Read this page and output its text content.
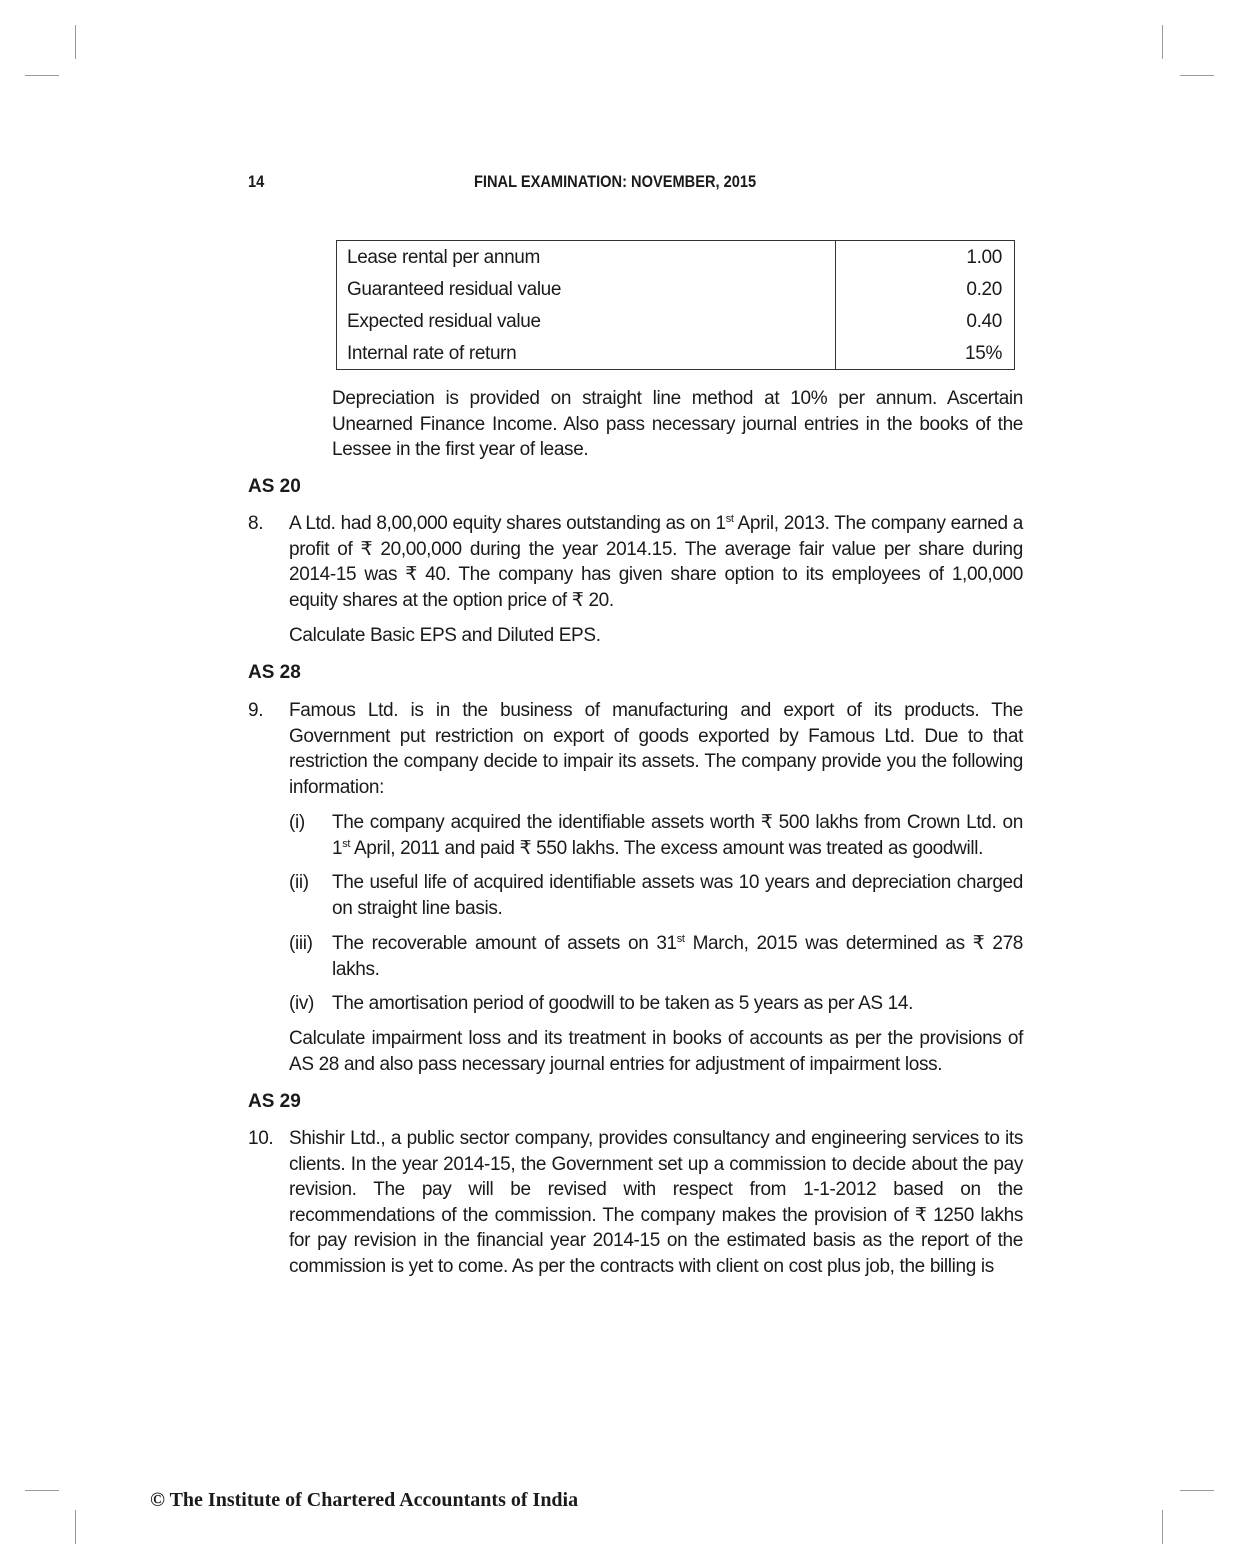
14	FINAL EXAMINATION: NOVEMBER, 2015
Lease rental per annum	1.00
Guaranteed residual value	0.20
Expected residual value	0.40
Internal rate of return	15%
Depreciation is provided on straight line method at 10% per annum. Ascertain Unearned Finance Income. Also pass necessary journal entries in the books of the Lessee in the first year of lease.
AS 20
8. A Ltd. had 8,00,000 equity shares outstanding as on 1st April, 2013. The company earned a profit of ₹ 20,00,000 during the year 2014.15. The average fair value per share during 2014-15 was ₹ 40. The company has given share option to its employees of 1,00,000 equity shares at the option price of ₹ 20.
Calculate Basic EPS and Diluted EPS.
AS 28
9. Famous Ltd. is in the business of manufacturing and export of its products. The Government put restriction on export of goods exported by Famous Ltd. Due to that restriction the company decide to impair its assets. The company provide you the following information:
(i) The company acquired the identifiable assets worth ₹ 500 lakhs from Crown Ltd. on 1st April, 2011 and paid ₹ 550 lakhs. The excess amount was treated as goodwill.
(ii) The useful life of acquired identifiable assets was 10 years and depreciation charged on straight line basis.
(iii) The recoverable amount of assets on 31st March, 2015 was determined as ₹ 278 lakhs.
(iv) The amortisation period of goodwill to be taken as 5 years as per AS 14.
Calculate impairment loss and its treatment in books of accounts as per the provisions of AS 28 and also pass necessary journal entries for adjustment of impairment loss.
AS 29
10. Shishir Ltd., a public sector company, provides consultancy and engineering services to its clients. In the year 2014-15, the Government set up a commission to decide about the pay revision. The pay will be revised with respect from 1-1-2012 based on the recommendations of the commission. The company makes the provision of ₹ 1250 lakhs for pay revision in the financial year 2014-15 on the estimated basis as the report of the commission is yet to come. As per the contracts with client on cost plus job, the billing is
© The Institute of Chartered Accountants of India
